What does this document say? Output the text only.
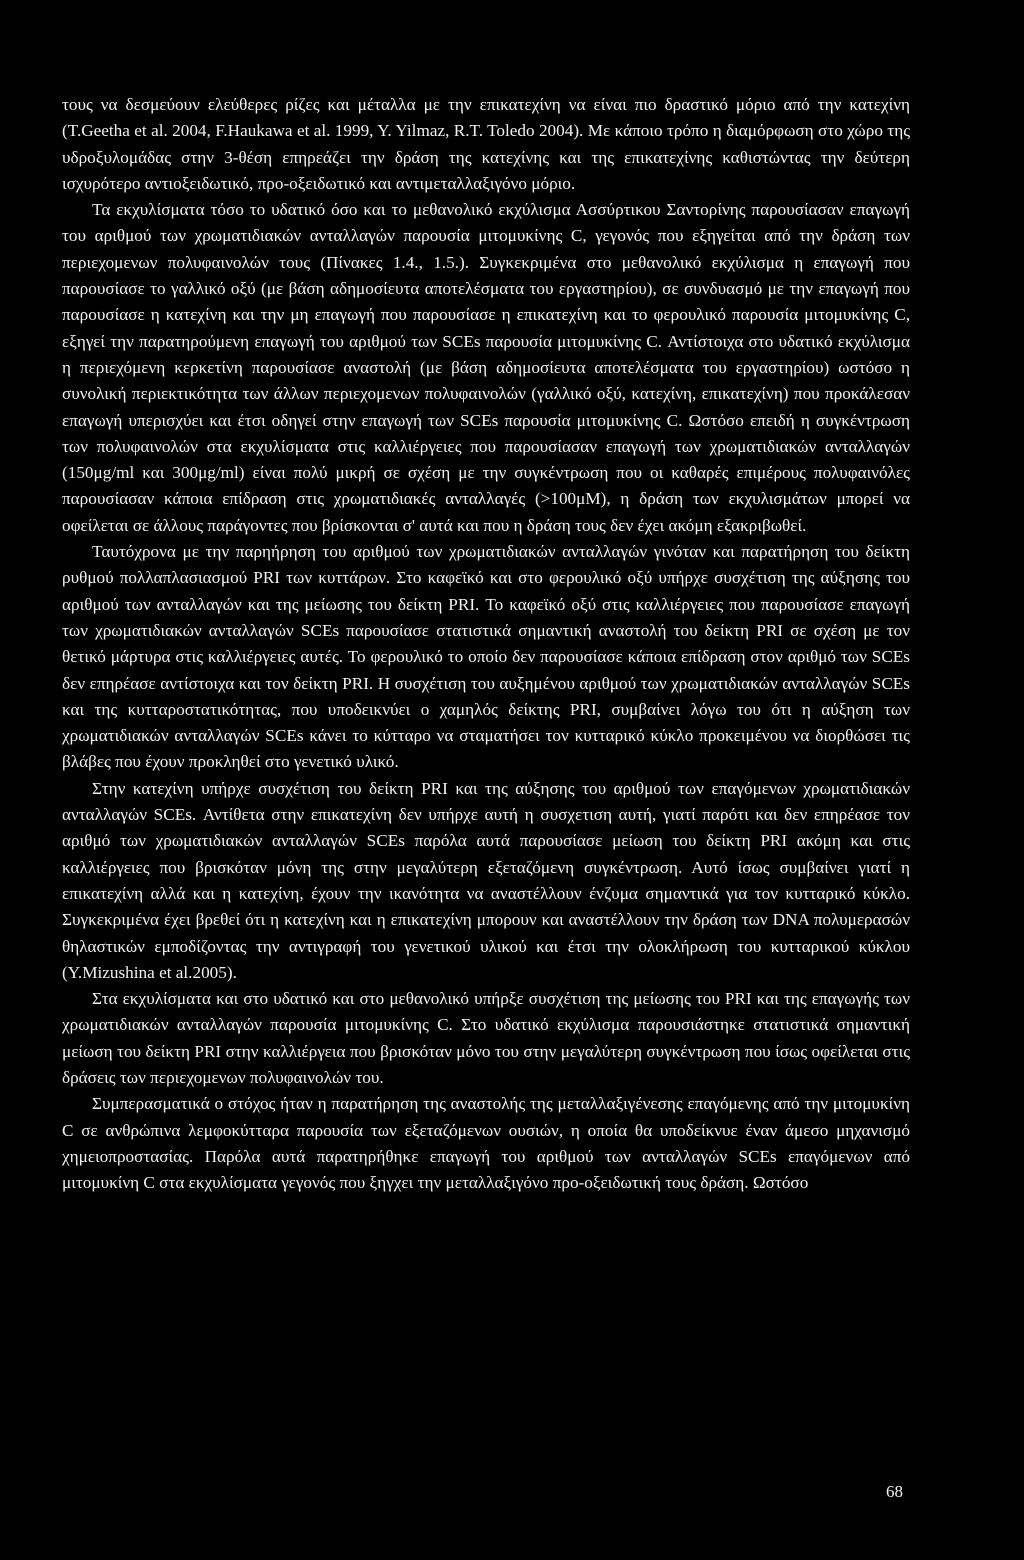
τους να δεσμεύουν ελεύθερες ρίζες και μέταλλα με την επικατεχίνη να είναι πιο δραστικό μόριο από την κατεχίνη (T.Geetha et al. 2004, F.Haukawa et al. 1999, Y. Yilmaz, R.T. Toledo 2004). Με κάποιο τρόπο η διαμόρφωση στο χώρο της υδροξυλομάδας στην 3-θέση επηρεάζει την δράση της κατεχίνης και της επικατεχίνης καθιστώντας την δεύτερη ισχυρότερο αντιοξειδωτικό, προ-οξειδωτικό και αντιμεταλλαξιγόνο μόριο.

Τα εκχυλίσματα τόσο το υδατικό όσο και το μεθανολικό εκχύλισμα Ασσύρτικου Σαντορίνης παρουσίασαν επαγωγή του αριθμού των χρωματιδιακών ανταλλαγών παρουσία μιτομυκίνης C, γεγονός που εξηγείται από την δράση των περιεχομενων πολυφαινολών τους (Πίνακες 1.4., 1.5.). Συγκεκριμένα στο μεθανολικό εκχύλισμα η επαγωγή που παρουσίασε το γαλλικό οξύ (με βάση αδημοσίευτα αποτελέσματα του εργαστηρίου), σε συνδυασμό με την επαγωγή που παρουσίασε η κατεχίνη και την μη επαγωγή που παρουσίασε η επικατεχίνη και το φερουλικό παρουσία μιτομυκίνης C, εξηγεί την παρατηρούμενη επαγωγή του αριθμού των SCEs παρουσία μιτομυκίνης C. Αντίστοιχα στο υδατικό εκχύλισμα η περιεχόμενη κερκετίνη παρουσίασε αναστολή (με βάση αδημοσίευτα αποτελέσματα του εργαστηρίου) ωστόσο η συνολική περιεκτικότητα των άλλων περιεχομενων πολυφαινολών (γαλλικό οξύ, κατεχίνη, επικατεχίνη) που προκάλεσαν επαγωγή υπερισχύει και έτσι οδηγεί στην επαγωγή των SCEs παρουσία μιτομυκίνης C. Ωστόσο επειδή η συγκέντρωση των πολυφαινολών στα εκχυλίσματα στις καλλιέργειες που παρουσίασαν επαγωγή των χρωματιδιακών ανταλλαγών (150μg/ml και 300μg/ml) είναι πολύ μικρή σε σχέση με την συγκέντρωση που οι καθαρές επιμέρους πολυφαινόλες παρουσίασαν κάποια επίδραση στις χρωματιδιακές ανταλλαγές (>100μΜ), η δράση των εκχυλισμάτων μπορεί να οφείλεται σε άλλους παράγοντες που βρίσκονται σ' αυτά και που η δράση τους δεν έχει ακόμη εξακριβωθεί.

Ταυτόχρονα με την παρηήρηση του αριθμού των χρωματιδιακών ανταλλαγών γινόταν και παρατήρηση του δείκτη ρυθμού πολλαπλασιασμού PRI των κυττάρων. Στο καφεϊκό και στο φερουλικό οξύ υπήρχε συσχέτιση της αύξησης του αριθμού των ανταλλαγών και της μείωσης του δείκτη PRI. Το καφεϊκό οξύ στις καλλιέργειες που παρουσίασε επαγωγή των χρωματιδιακών ανταλλαγών SCEs παρουσίασε στατιστικά σημαντική αναστολή του δείκτη PRI σε σχέση με τον θετικό μάρτυρα στις καλλιέργειες αυτές. Το φερουλικό το οποίο δεν παρουσίασε κάποια επίδραση στον αριθμό των SCEs δεν επηρέασε αντίστοιχα και τον δείκτη PRI. Η συσχέτιση του αυξημένου αριθμού των χρωματιδιακών ανταλλαγών SCEs και της κυτταροστατικότητας, που υποδεικνύει ο χαμηλός δείκτης PRI, συμβαίνει λόγω του ότι η αύξηση των χρωματιδιακών ανταλλαγών SCEs κάνει το κύτταρο να σταματήσει τον κυτταρικό κύκλο προκειμένου να διορθώσει τις βλάβες που έχουν προκληθεί στο γενετικό υλικό.

Στην κατεχίνη υπήρχε συσχέτιση του δείκτη PRI και της αύξησης του αριθμού των επαγόμενων χρωματιδιακών ανταλλαγών SCEs. Αντίθετα στην επικατεχίνη δεν υπήρχε αυτή η συσχετιση αυτή, γιατί παρότι και δεν επηρέασε τον αριθμό των χρωματιδιακών ανταλλαγών SCEs παρόλα αυτά παρουσίασε μείωση του δείκτη PRI ακόμη και στις καλλιέργειες που βρισκόταν μόνη της στην μεγαλύτερη εξεταζόμενη συγκέντρωση. Αυτό ίσως συμβαίνει γιατί η επικατεχίνη αλλά και η κατεχίνη, έχουν την ικανότητα να αναστέλλουν ένζυμα σημαντικά για τον κυτταρικό κύκλο. Συγκεκριμένα έχει βρεθεί ότι η κατεχίνη και η επικατεχίνη μπορουν και αναστέλλουν την δράση των DNA πολυμερασών θηλαστικών εμποδίζοντας την αντιγραφή του γενετικού υλικού και έτσι την ολοκλήρωση του κυτταρικού κύκλου (Y.Mizushina et al.2005).

Στα εκχυλίσματα και στο υδατικό και στο μεθανολικό υπήρξε συσχέτιση της μείωσης του PRI και της επαγωγής των χρωματιδιακών ανταλλαγών παρουσία μιτομυκίνης C. Στο υδατικό εκχύλισμα παρουσιάστηκε στατιστικά σημαντική μείωση του δείκτη PRI στην καλλιέργεια που βρισκόταν μόνο του στην μεγαλύτερη συγκέντρωση που ίσως οφείλεται στις δράσεις των περιεχομενων πολυφαινολών του.

Συμπερασματικά ο στόχος ήταν η παρατήρηση της αναστολής της μεταλλαξιγένεσης επαγόμενης από την μιτομυκίνη C σε ανθρώπινα λεμφοκύτταρα παρουσία των εξεταζόμενων ουσιών, η οποία θα υποδείκνυε έναν άμεσο μηχανισμό χημειοπροστασίας. Παρόλα αυτά παρατηρήθηκε επαγωγή του αριθμού των ανταλλαγών SCEs επαγόμενων από μιτομυκίνη C στα εκχυλίσματα γεγονός που ξηγχει την μεταλλαξιγόνο προ-οξειδωτική τους δράση. Ωστόσο

68
